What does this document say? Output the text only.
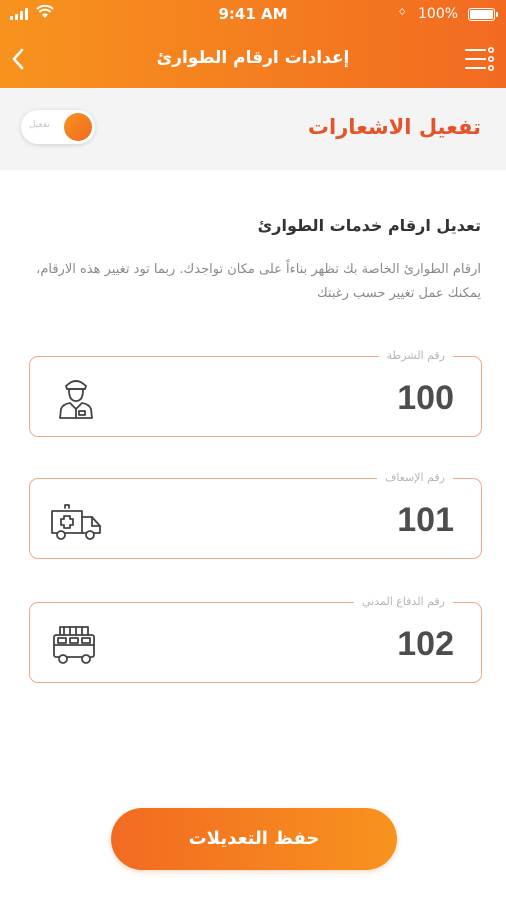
9:41 AM	ᛜ 100%
إعدادات ارقام الطوارئ
تفعيل الاشعارات
تفعيل
تعديل ارقام خدمات الطوارئ
ارقام الطوارئ الخاصة بك تظهر بناءاً على مكان تواجدك. ربما تود تغيير هذه الارقام، يمكنك عمل تغيير حسب رغبتك
رقم الشرطة
100
رقم الإسعاف
101
رقم الدفاع المدني
102
حفظ التعديلات
